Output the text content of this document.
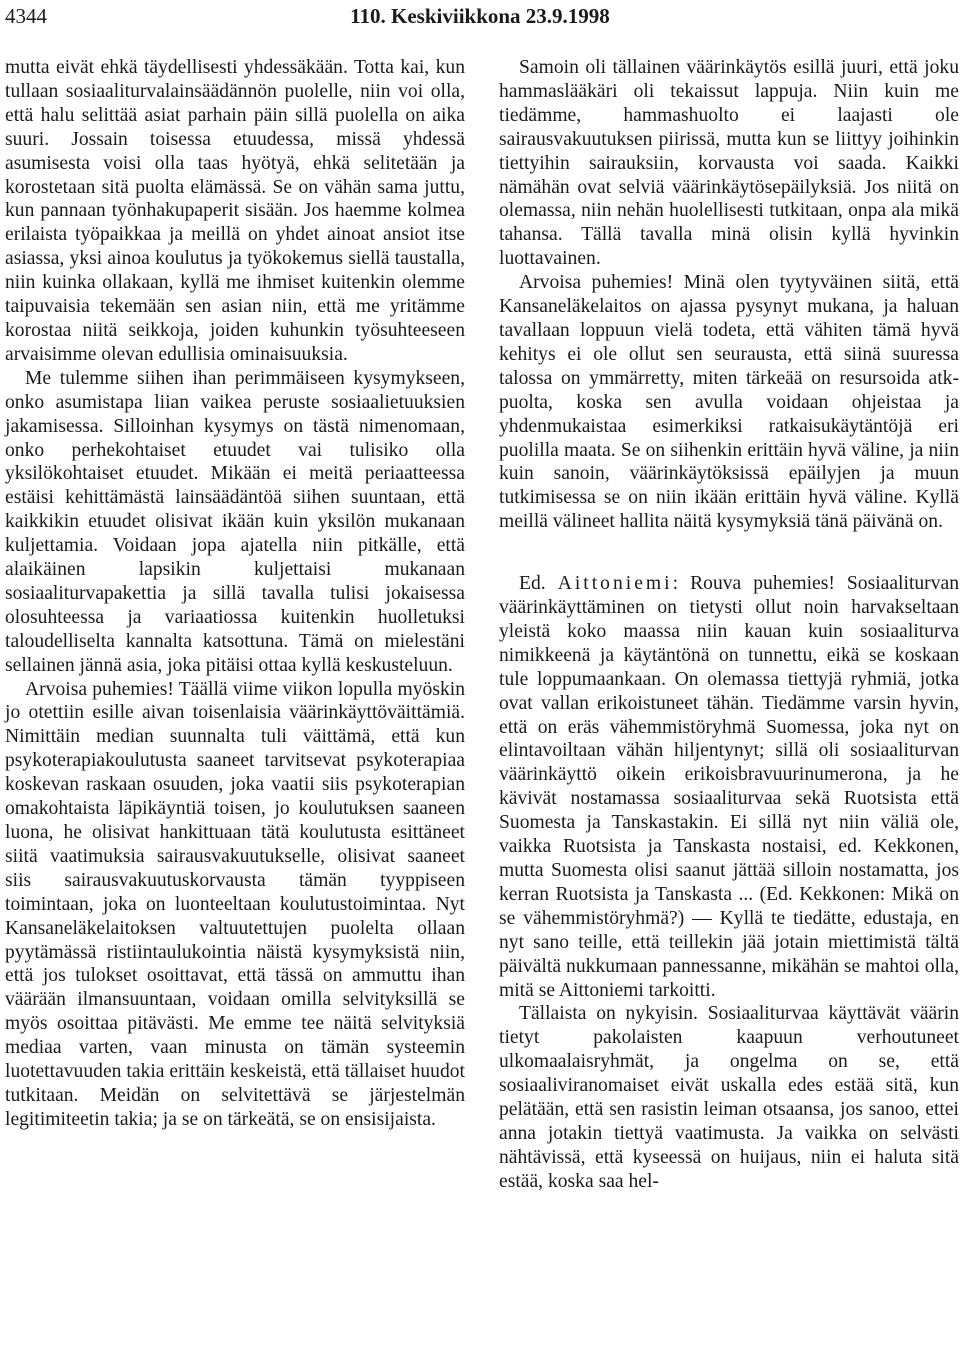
4344	110. Keskiviikkona 23.9.1998

mutta eivät ehkä täydellisesti yhdessäkään. Totta kai, kun tullaan sosiaaliturvalainsäädännön puolelle, niin voi olla, että halu selittää asiat parhain päin sillä puolella on aika suuri. Jossain toisessa etuudessa, missä yhdessä asumisesta voisi olla taas hyötyä, ehkä selitetään ja korostetaan sitä puolta elämässä. Se on vähän sama juttu, kun pannaan työnhakupaperit sisään. Jos haemme kolmea erilaista työpaikkaa ja meillä on yhdet ainoat ansiot itse asiassa, yksi ainoa koulutus ja työkokemus siellä taustalla, niin kuinka ollakaan, kyllä me ihmiset kuitenkin olemme taipuvaisia tekemään sen asian niin, että me yritämme korostaa niitä seikkoja, joiden kuhunkin työsuhteeseen arvaisimme olevan edullisia ominaisuuksia.

Me tulemme siihen ihan perimmäiseen kysymykseen, onko asumistapa liian vaikea peruste sosiaalietuuksien jakamisessa. Silloinhan kysymys on tästä nimenomaan, onko perhekohtaiset etuudet vai tulisiko olla yksilökohtaiset etuudet. Mikään ei meitä periaatteessa estäisi kehittämästä lainsäädäntöä siihen suuntaan, että kaikkikin etuudet olisivat ikään kuin yksilön mukanaan kuljettamia. Voidaan jopa ajatella niin pitkälle, että alaikäinen lapsikin kuljettaisi mukanaan sosiaaliturvapakettia ja sillä tavalla tulisi jokaisessa olosuhteessa ja variaatiossa kuitenkin huolletuksi taloudelliselta kannalta katsottuna. Tämä on mielestäni sellainen jännä asia, joka pitäisi ottaa kyllä keskusteluun.

Arvoisa puhemies! Täällä viime viikon lopulla myöskin jo otettiin esille aivan toisenlaisia väärinkäyttöväittämiä. Nimittäin median suunnalta tuli väittämä, että kun psykoterapiakoulutusta saaneet tarvitsevat psykoterapiaa koskevan raskaan osuuden, joka vaatii siis psykoterapian omakohtaista läpikäyntiä toisen, jo koulutuksen saaneen luona, he olisivat hankittuaan tätä koulutusta esittäneet siitä vaatimuksia sairausvakuutukselle, olisivat saaneet siis sairausvakuutuskorvausta tämän tyyppiseen toimintaan, joka on luonteeltaan koulutustoimintaa. Nyt Kansaneläkelaitoksen valtuutettujen puolelta ollaan pyytämässä ristiintaulukointia näistä kysymyksistä niin, että jos tulokset osoittavat, että tässä on ammuttu ihan väärään ilmansuuntaan, voidaan omilla selvityksillä se myös osoittaa pitävästi. Me emme tee näitä selvityksiä mediaa varten, vaan minusta on tämän systeemin luotettavuuden takia erittäin keskeistä, että tällaiset huudot tutkitaan. Meidän on selvitettävä se järjestelmän legitimiteetin takia; ja se on tärkeätä, se on ensisijaista.

Samoin oli tällainen väärinkäytös esillä juuri, että joku hammaslääkäri oli tekaissut lappuja. Niin kuin me tiedämme, hammashuolto ei laajasti ole sairausvakuutuksen piirissä, mutta kun se liittyy joihinkin tiettyihin sairauksiin, korvausta voi saada. Kaikki nämähän ovat selviä väärinkäytösepäilyksiä. Jos niitä on olemassa, niin nehän huolellisesti tutkitaan, onpa ala mikä tahansa. Tällä tavalla minä olisin kyllä hyvinkin luottavainen.

Arvoisa puhemies! Minä olen tyytyväinen siitä, että Kansaneläkelaitos on ajassa pysynyt mukana, ja haluan tavallaan loppuun vielä todeta, että vähiten tämä hyvä kehitys ei ole ollut sen seurausta, että siinä suuressa talossa on ymmärretty, miten tärkeää on resursoida atk-puolta, koska sen avulla voidaan ohjeistaa ja yhdenmukaistaa esimerkiksi ratkaisukäytäntöjä eri puolilla maata. Se on siihenkin erittäin hyvä väline, ja niin kuin sanoin, väärinkäytöksissä epäilyjen ja muun tutkimisessa se on niin ikään erittäin hyvä väline. Kyllä meillä välineet hallita näitä kysymyksiä tänä päivänä on.

Ed. Aittoniemi: Rouva puhemies! Sosiaaliturvan väärinkäyttäminen on tietysti ollut noin harvakseltaan yleistä koko maassa niin kauan kuin sosiaaliturva nimikkeenä ja käytäntönä on tunnettu, eikä se koskaan tule loppumaankaan. On olemassa tiettyjä ryhmiä, jotka ovat vallan erikoistuneet tähän. Tiedämme varsin hyvin, että on eräs vähemmistöryhmä Suomessa, joka nyt on elintavoiltaan vähän hiljentynyt; sillä oli sosiaaliturvan väärinkäyttö oikein erikoisbravuurinumerona, ja he kävivät nostamassa sosiaaliturvaa sekä Ruotsista että Suomesta ja Tanskastakin. Ei sillä nyt niin väliä ole, vaikka Ruotsista ja Tanskasta nostaisi, ed. Kekkonen, mutta Suomesta olisi saanut jättää silloin nostamatta, jos kerran Ruotsista ja Tanskasta ... (Ed. Kekkonen: Mikä on se vähemmistöryhmä?) — Kyllä te tiedätte, edustaja, en nyt sano teille, että teillekin jää jotain miettimistä tältä päivältä nukkumaan pannessanne, mikähän se mahtoi olla, mitä se Aittoniemi tarkoitti.

Tällaista on nykyisin. Sosiaaliturvaa käyttävät väärin tietyt pakolaisten kaapuun verhoutuneet ulkomaalaisryhmät, ja ongelma on se, että sosiaaliviranomaiset eivät uskalla edes estää sitä, kun pelätään, että sen rasistin leiman otsaansa, jos sanoo, ettei anna jotakin tiettyä vaatimusta. Ja vaikka on selvästi nähtävissä, että kyseessä on huijaus, niin ei haluta sitä estää, koska saa hel-
